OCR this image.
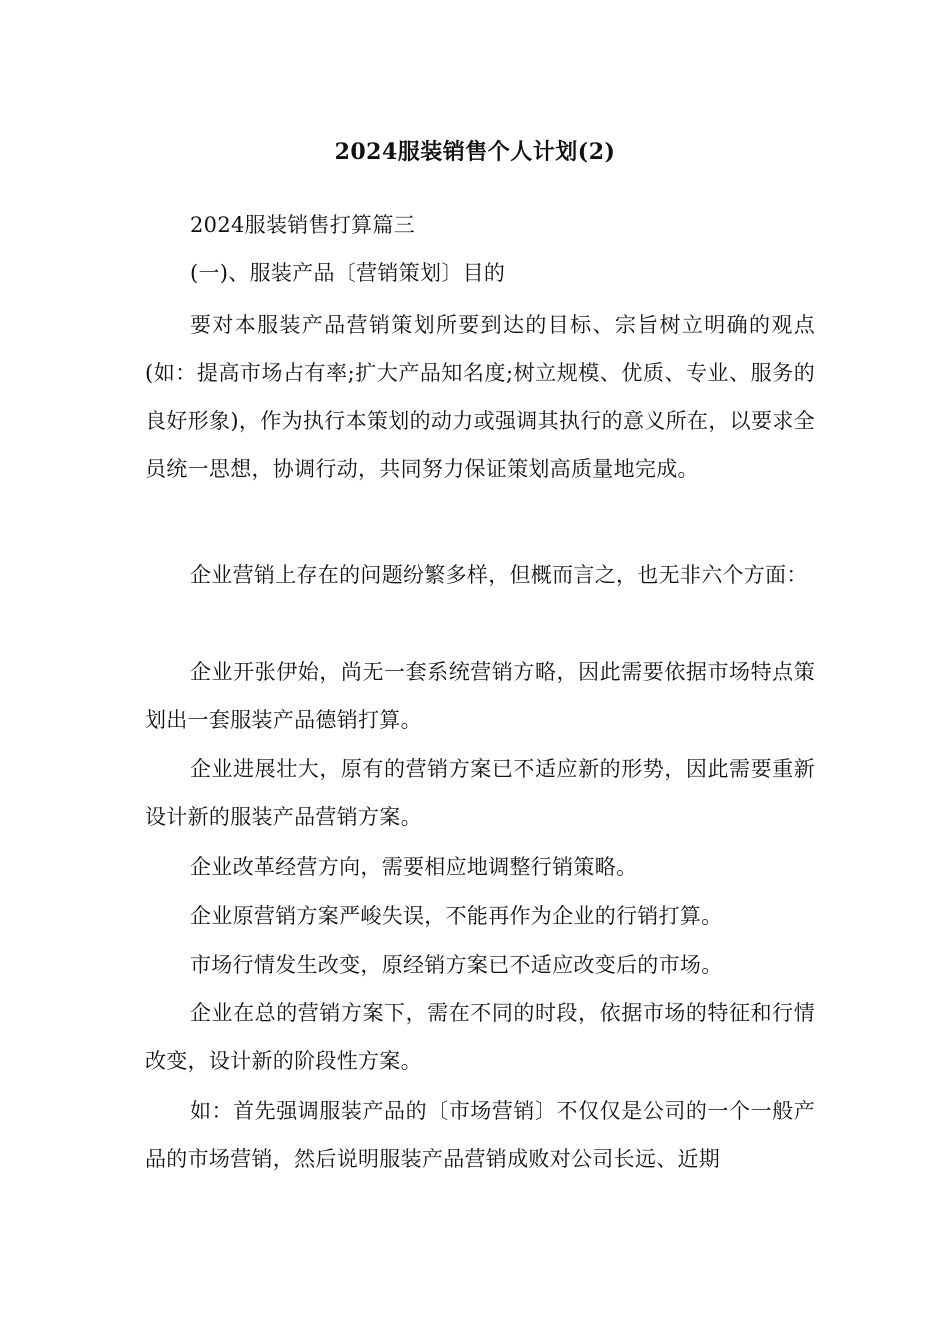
2024服装销售个人计划(2)

2024服装销售打算篇三

(一)、服装产品〔营销策划〕目的

要对本服装产品营销策划所要到达的目标、宗旨树立明确的观点(如：提高市场占有率;扩大产品知名度;树立规模、优质、专业、服务的良好形象)，作为执行本策划的动力或强调其执行的意义所在，以要求全员统一思想，协调行动，共同努力保证策划高质量地完成。

企业营销上存在的问题纷繁多样，但概而言之，也无非六个方面：

企业开张伊始，尚无一套系统营销方略，因此需要依据市场特点策划出一套服装产品德销打算。

企业进展壮大，原有的营销方案已不适应新的形势，因此需要重新设计新的服装产品营销方案。

企业改革经营方向，需要相应地调整行销策略。

企业原营销方案严峻失误，不能再作为企业的行销打算。

市场行情发生改变，原经销方案已不适应改变后的市场。

企业在总的营销方案下，需在不同的时段，依据市场的特征和行情改变，设计新的阶段性方案。

如：首先强调服装产品的〔市场营销〕不仅仅是公司的一个一般产品的市场营销，然后说明服装产品营销成败对公司长远、近期
